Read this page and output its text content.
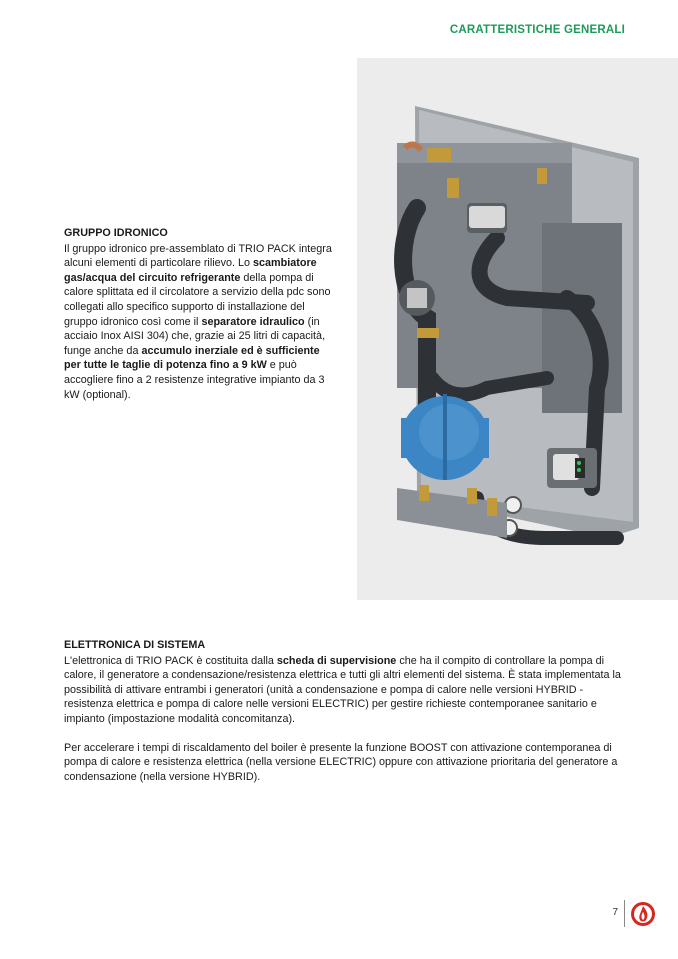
CARATTERISTICHE GENERALI
GRUPPO IDRONICO

Il gruppo idronico pre-assemblato di TRIO PACK integra alcuni elementi di particolare rilievo. Lo scambiatore gas/acqua del circuito refrigerante della pompa di calore splittata ed il circolatore a servizio della pdc sono collegati allo specifico supporto di installazione del gruppo idronico così come il separatore idraulico (in acciaio Inox AISI 304) che, grazie ai 25 litri di capacità, funge anche da accumulo inerziale ed è sufficiente per tutte le taglie di potenza fino a 9 kW e può accogliere fino a 2 resistenze integrative impianto da 3 kW (optional).

ELETTRONICA DI SISTEMA

L'elettronica di TRIO PACK è costituita dalla scheda di supervisione che ha il compito di controllare la pompa di calore, il generatore a condensazione/resistenza elettrica e tutti gli altri elementi del sistema. È stata implementata la possibilità di attivare entrambi i generatori (unità a condensazione e pompa di calore nelle versioni HYBRID - resistenza elettrica e pompa di calore nelle versioni ELECTRIC) per gestire richieste contemporanee sanitario e impianto (impostazione modalità concomitanza).

Per accelerare i tempi di riscaldamento del boiler è presente la funzione BOOST con attivazione contemporanea di pompa di calore e resistenza elettrica (nella versione ELECTRIC) oppure con attivazione prioritaria del generatore a condensazione (nella versione HYBRID).

7
